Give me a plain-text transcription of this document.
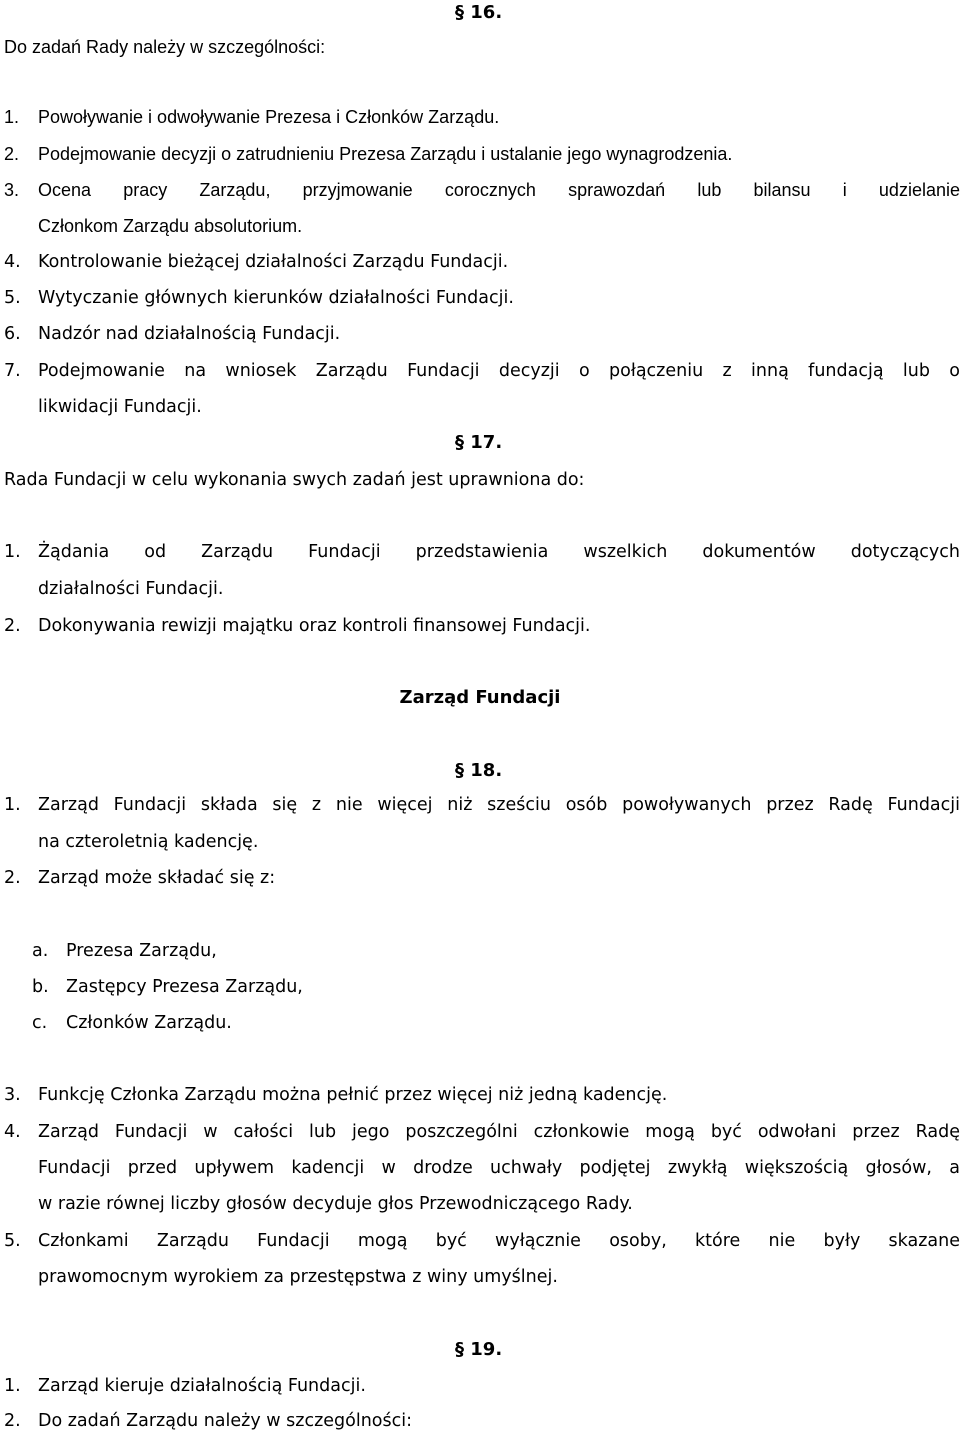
§ 16.
Do zadań Rady należy w szczególności:
1. Powoływanie i odwoływanie Prezesa i Członków Zarządu.
2. Podejmowanie decyzji o zatrudnieniu Prezesa Zarządu i ustalanie jego wynagrodzenia.
3. Ocena pracy Zarządu, przyjmowanie corocznych sprawozdań lub bilansu i udzielanie
Członkom Zarządu absolutorium.
4. Kontrolowanie bieżącej działalności Zarządu Fundacji.
5. Wytyczanie głównych kierunków działalności Fundacji.
6. Nadzór nad działalnością Fundacji.
7. Podejmowanie na wniosek Zarządu Fundacji decyzji o połączeniu z inną fundacją lub o
likwidacji Fundacji.
§ 17.
Rada Fundacji w celu wykonania swych zadań jest uprawniona do:
1. Żądania od Zarządu Fundacji przedstawienia wszelkich dokumentów dotyczących
działalności Fundacji.
2. Dokonywania rewizji majątku oraz kontroli finansowej Fundacji.
Zarząd Fundacji
§ 18.
1. Zarząd Fundacji składa się z nie więcej niż sześciu osób powoływanych przez Radę Fundacji
na czteroletnią kadencję.
2. Zarząd może składać się z:
a. Prezesa Zarządu,
b. Zastępcy Prezesa Zarządu,
c. Członków Zarządu.
3. Funkcję Członka Zarządu można pełnić przez więcej niż jedną kadencję.
4. Zarząd Fundacji w całości lub jego poszczególni członkowie mogą być odwołani przez Radę
Fundacji przed upływem kadencji w drodze uchwały podjętej zwykłą większością głosów, a
w razie równej liczby głosów decyduje głos Przewodniczącego Rady.
5. Członkami Zarządu Fundacji mogą być wyłącznie osoby, które nie były skazane
prawomocnym wyrokiem za przestępstwa z winy umyślnej.
§ 19.
1. Zarząd kieruje działalnością Fundacji.
2. Do zadań Zarządu należy w szczególności:
